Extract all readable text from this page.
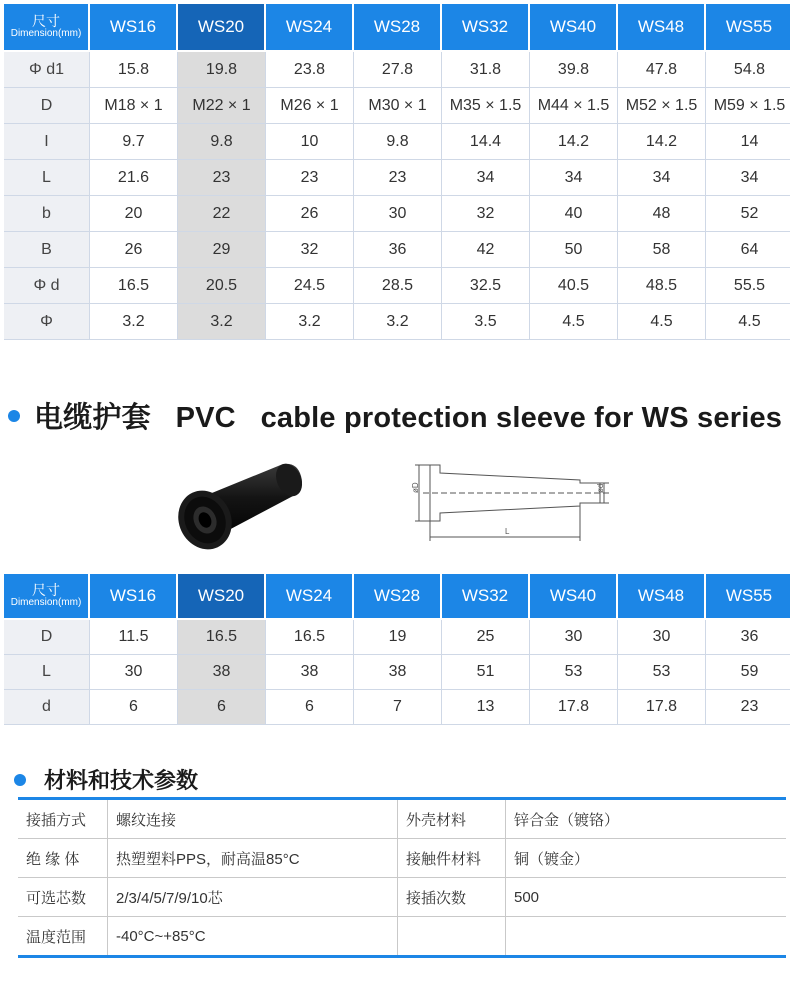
尺寸
Dimension(mm)	WS16	WS20	WS24	WS28	WS32	WS40	WS48	WS55
Φ d1	15.8	19.8	23.8	27.8	31.8	39.8	47.8	54.8
D	M18 × 1	M22 × 1	M26 × 1	M30 × 1	M35 × 1.5	M44 × 1.5	M52 × 1.5	M59 × 1.5
I	9.7	9.8	10	9.8	14.4	14.2	14.2	14
L	21.6	23	23	23	34	34	34	34
b	20	22	26	30	32	40	48	52
B	26	29	32	36	42	50	58	64
Φ d	16.5	20.5	24.5	28.5	32.5	40.5	48.5	55.5
Φ	3.2	3.2	3.2	3.2	3.5	4.5	4.5	4.5
电缆护套   PVC   cable protection sleeve for WS series
øD	ød
L
尺寸
Dimension(mm)	WS16	WS20	WS24	WS28	WS32	WS40	WS48	WS55
D	11.5	16.5	16.5	19	25	30	30	36
L	30	38	38	38	51	53	53	59
d	6	6	6	7	13	17.8	17.8	23
材料和技术参数
接插方式	螺纹连接	外壳材料	锌合金（镀铬）
绝 缘 体	热塑塑料PPS，耐高温85°C	接触件材料	铜（镀金）
可选芯数	2/3/4/5/7/9/10芯	接插次数	500
温度范围	-40°C~+85°C
